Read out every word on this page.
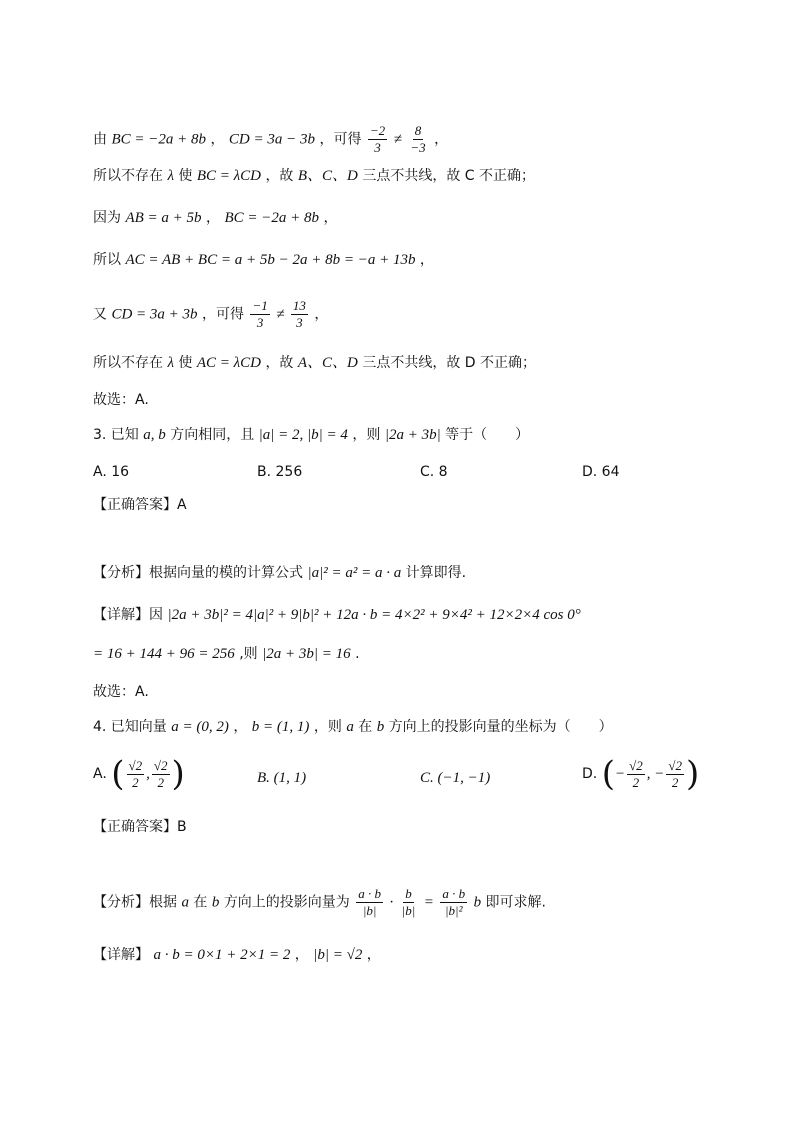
由 BC = −2a + 8b ， CD = 3a − 3b ，可得 $\frac{-2}{3} \ne \frac{8}{-3}$ ，
所以不存在 λ 使 BC = λCD ，故 B、C、D 三点不共线，故 C 不正确；
因为 AB = a + 5b ， BC = −2a + 8b ，
所以 AC = AB + BC = a + 5b − 2a + 8b = −a + 13b ，
又 CD = 3a + 3b ，可得 $\frac{-1}{3} \ne \frac{13}{3}$ ，
所以不存在 λ 使 AC = λCD ，故 A、C、D 三点不共线，故 D 不正确；
故选：A.
3. 已知 a, b 方向相同，且 |a| = 2, |b| = 4 ，则 |2a + 3b| 等于（　　）
A. 16	B. 256	C. 8	D. 64
【正确答案】A
【分析】根据向量的模的计算公式 |a|² = a² = a · a 计算即得.
【详解】因 |2a + 3b|² = 4|a|² + 9|b|² + 12a · b = 4×2² + 9×4² + 12×2×4 cos 0°
= 16 + 144 + 96 = 256 ,则 |2a + 3b| = 16 .
故选：A.
4. 已知向量 a = (0, 2) ， b = (1, 1) ，则 a 在 b 方向上的投影向量的坐标为（　　）
A. ( $\frac{√2}{2}$ , $\frac{√2}{2}$ )	B. (1, 1)	C. (−1, −1)	D. (− $\frac{√2}{2}$ , − $\frac{√2}{2}$ )
【正确答案】B
【分析】根据 a 在 b 方向上的投影向量为 $\frac{a \cdot b}{|b|} \cdot \frac{b}{|b|} = \frac{a \cdot b}{\text{|b|²}}$ b 即可求解.
【详解】 a · b = 0×1 + 2×1 = 2 ， |b| = √2 ，
